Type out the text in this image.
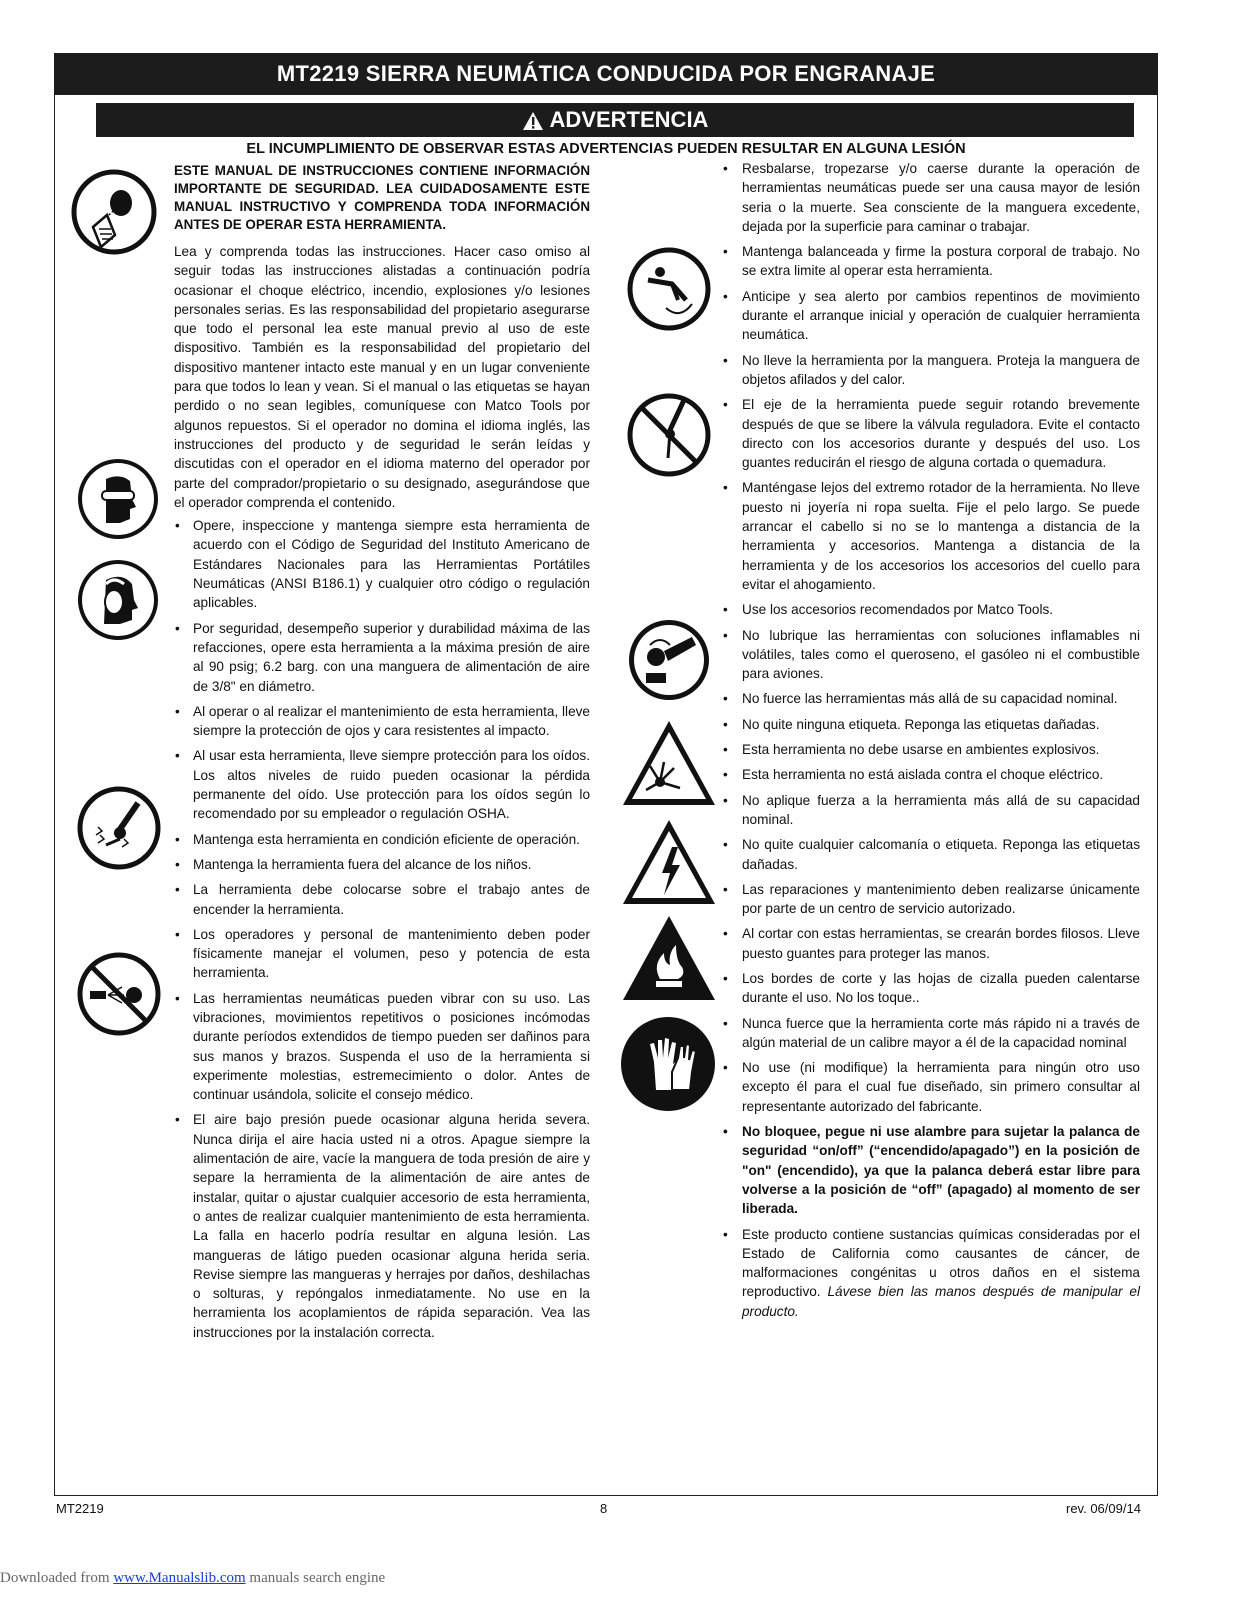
MT2219 SIERRA NEUMÁTICA CONDUCIDA POR ENGRANAJE
ADVERTENCIA
EL INCUMPLIMIENTO DE OBSERVAR ESTAS ADVERTENCIAS PUEDEN RESULTAR EN ALGUNA LESIÓN
ESTE MANUAL DE INSTRUCCIONES CONTIENE INFORMACIÓN IMPORTANTE DE SEGURIDAD. LEA CUIDADOSAMENTE ESTE MANUAL INSTRUCTIVO Y COMPRENDA TODA INFORMACIÓN ANTES DE OPERAR ESTA HERRAMIENTA.
Lea y comprenda todas las instrucciones. Hacer caso omiso al seguir todas las instrucciones alistadas a continuación podría ocasionar el choque eléctrico, incendio, explosiones y/o lesiones personales serias. Es las responsabilidad del propietario asegurarse que todo el personal lea este manual previo al uso de este dispositivo. También es la responsabilidad del propietario del dispositivo mantener intacto este manual y en un lugar conveniente para que todos lo lean y vean. Si el manual o las etiquetas se hayan perdido o no sean legibles, comuníquese con Matco Tools por algunos repuestos. Si el operador no domina el idioma inglés, las instrucciones del producto y de seguridad le serán leídas y discutidas con el operador en el idioma materno del operador por parte del comprador/propietario o su designado, asegurándose que el operador comprenda el contenido.
• Opere, inspeccione y mantenga siempre esta herramienta de acuerdo con el Código de Seguridad del Instituto Americano de Estándares Nacionales para las Herramientas Portátiles Neumáticas (ANSI B186.1) y cualquier otro código o regulación aplicables.
• Por seguridad, desempeño superior y durabilidad máxima de las refacciones, opere esta herramienta a la máxima presión de aire al 90 psig; 6.2 barg. con una manguera de alimentación de aire de 3/8" en diámetro.
• Al operar o al realizar el mantenimiento de esta herramienta, lleve siempre la protección de ojos y cara resistentes al impacto.
• Al usar esta herramienta, lleve siempre protección para los oídos. Los altos niveles de ruido pueden ocasionar la pérdida permanente del oído. Use protección para los oídos según lo recomendado por su empleador o regulación OSHA.
• Mantenga esta herramienta en condición eficiente de operación.
• Mantenga la herramienta fuera del alcance de los niños.
• La herramienta debe colocarse sobre el trabajo antes de encender la herramienta.
• Los operadores y personal de mantenimiento deben poder físicamente manejar el volumen, peso y potencia de esta herramienta.
• Las herramientas neumáticas pueden vibrar con su uso. Las vibraciones, movimientos repetitivos o posiciones incómodas durante períodos extendidos de tiempo pueden ser dañinos para sus manos y brazos. Suspenda el uso de la herramienta si experimente molestias, estremecimiento o dolor. Antes de continuar usándola, solicite el consejo médico.
• El aire bajo presión puede ocasionar alguna herida severa. Nunca dirija el aire hacia usted ni a otros. Apague siempre la alimentación de aire, vacíe la manguera de toda presión de aire y separe la herramienta de la alimentación de aire antes de instalar, quitar o ajustar cualquier accesorio de esta herramienta, o antes de realizar cualquier mantenimiento de esta herramienta. La falla en hacerlo podría resultar en alguna lesión. Las mangueras de látigo pueden ocasionar alguna herida seria. Revise siempre las mangueras y herrajes por daños, deshilachas o solturas, y repóngalos inmediatamente. No use en la herramienta los acoplamientos de rápida separación. Vea las instrucciones por la instalación correcta.
• Resbalarse, tropezarse y/o caerse durante la operación de herramientas neumáticas puede ser una causa mayor de lesión seria o la muerte. Sea consciente de la manguera excedente, dejada por la superficie para caminar o trabajar.
• Mantenga balanceada y firme la postura corporal de trabajo. No se extra limite al operar esta herramienta.
• Anticipe y sea alerto por cambios repentinos de movimiento durante el arranque inicial y operación de cualquier herramienta neumática.
• No lleve la herramienta por la manguera. Proteja la manguera de objetos afilados y del calor.
• El eje de la herramienta puede seguir rotando brevemente después de que se libere la válvula reguladora. Evite el contacto directo con los accesorios durante y después del uso. Los guantes reducirán el riesgo de alguna cortada o quemadura.
• Manténgase lejos del extremo rotador de la herramienta. No lleve puesto ni joyería ni ropa suelta. Fije el pelo largo. Se puede arrancar el cabello si no se lo mantenga a distancia de la herramienta y accesorios. Mantenga a distancia de la herramienta y de los accesorios los accesorios del cuello para evitar el ahogamiento.
• Use los accesorios recomendados por Matco Tools.
• No lubrique las herramientas con soluciones inflamables ni volátiles, tales como el queroseno, el gasóleo ni el combustible para aviones.
• No fuerce las herramientas más allá de su capacidad nominal.
• No quite ninguna etiqueta. Reponga las etiquetas dañadas.
• Esta herramienta no debe usarse en ambientes explosivos.
• Esta herramienta no está aislada contra el choque eléctrico.
• No aplique fuerza a la herramienta más allá de su capacidad nominal.
• No quite cualquier calcomanía o etiqueta. Reponga las etiquetas dañadas.
• Las reparaciones y mantenimiento deben realizarse únicamente por parte de un centro de servicio autorizado.
• Al cortar con estas herramientas, se crearán bordes filosos. Lleve puesto guantes para proteger las manos.
• Los bordes de corte y las hojas de cizalla pueden calentarse durante el uso. No los toque..
• Nunca fuerce que la herramienta corte más rápido ni a través de algún material de un calibre mayor a él de la capacidad nominal
• No use (ni modifique) la herramienta para ningún otro uso excepto él para el cual fue diseñado, sin primero consultar al representante autorizado del fabricante.
• No bloquee, pegue ni use alambre para sujetar la palanca de seguridad “on/off” (“encendido/apagado”) en la posición de "on" (encendido), ya que la palanca deberá estar libre para volverse a la posición de “off” (apagado) al momento de ser liberada.
• Este producto contiene sustancias químicas consideradas por el Estado de California como causantes de cáncer, de malformaciones congénitas u otros daños en el sistema reproductivo. Lávese bien las manos después de manipular el producto.
MT2219	8	rev. 06/09/14
Downloaded from www.Manualslib.com manuals search engine
